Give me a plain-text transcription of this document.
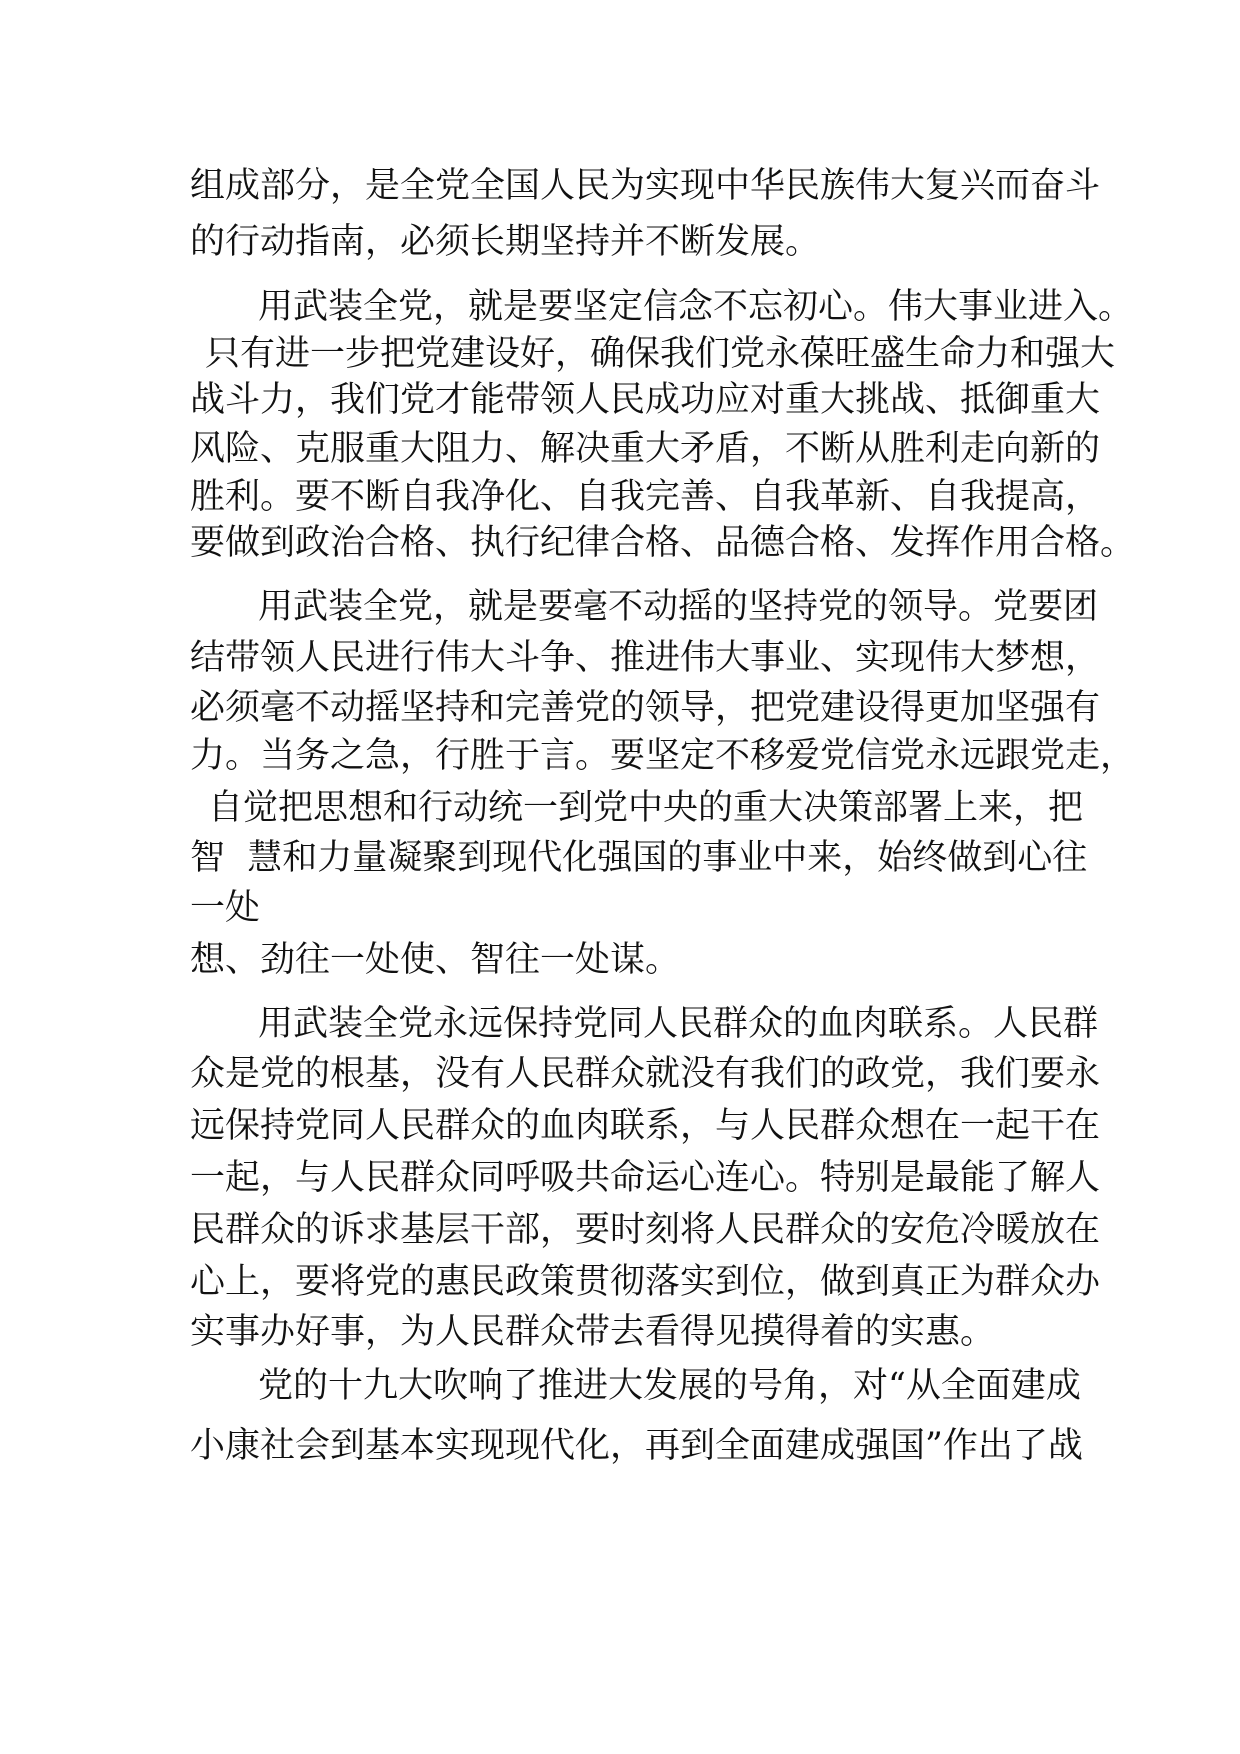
组成部分，是全党全国人民为实现中华民族伟大复兴而奋斗
的行动指南，必须长期坚持并不断发展。
用武装全党，就是要坚定信念不忘初心。伟大事业进入。
只有进一步把党建设好，确保我们党永葆旺盛生命力和强大
战斗力，我们党才能带领人民成功应对重大挑战、抵御重大
风险、克服重大阻力、解决重大矛盾，不断从胜利走向新的
胜利。要不断自我净化、自我完善、自我革新、自我提高，
要做到政治合格、执行纪律合格、品德合格、发挥作用合格。
用武装全党，就是要毫不动摇的坚持党的领导。党要团
结带领人民进行伟大斗争、推进伟大事业、实现伟大梦想，
必须毫不动摇坚持和完善党的领导，把党建设得更加坚强有
力。当务之急，行胜于言。要坚定不移爱党信党永远跟党走，
自觉把思想和行动统一到党中央的重大决策部署上来，把
智  慧和力量凝聚到现代化强国的事业中来，始终做到心往
一处
想、劲往一处使、智往一处谋。
用武装全党永远保持党同人民群众的血肉联系。人民群
众是党的根基，没有人民群众就没有我们的政党，我们要永
远保持党同人民群众的血肉联系，与人民群众想在一起干在
一起，与人民群众同呼吸共命运心连心。特别是最能了解人
民群众的诉求基层干部，要时刻将人民群众的安危冷暖放在
心上，要将党的惠民政策贯彻落实到位，做到真正为群众办
实事办好事，为人民群众带去看得见摸得着的实惠。
党的十九大吹响了推进大发展的号角，对“从全面建成
小康社会到基本实现现代化，再到全面建成强国”作出了战
